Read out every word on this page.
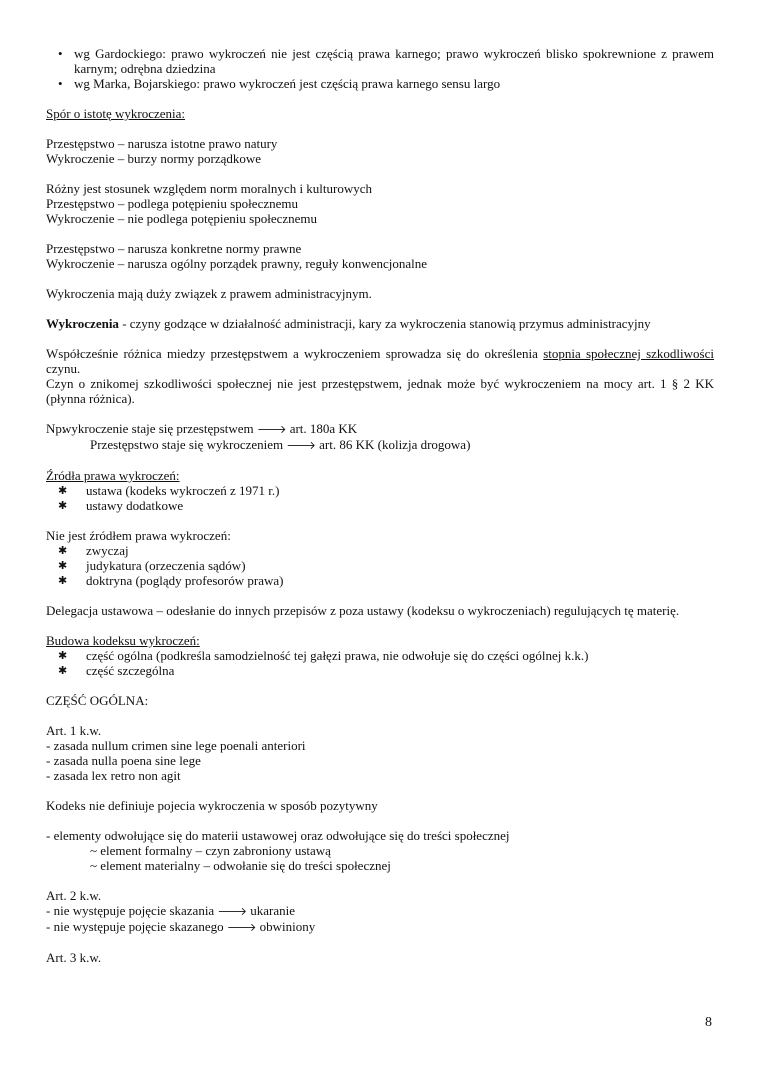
• wg Gardockiego: prawo wykroczeń nie jest częścią prawa karnego; prawo wykroczeń blisko spokrewnione z prawem karnym; odrębna dziedzina

• wg Marka, Bojarskiego: prawo wykroczeń jest częścią prawa karnego sensu largo

Spór o istotę wykroczenia:

Przestępstwo – narusza istotne prawo natury

Wykroczenie – burzy normy porządkowe

Różny jest stosunek względem norm moralnych i kulturowych

Przestępstwo – podlega potępieniu społecznemu

Wykroczenie – nie podlega potępieniu społecznemu

Przestępstwo – narusza konkretne normy prawne

Wykroczenie – narusza ogólny porządek prawny, reguły konwencjonalne

Wykroczenia mają duży związek z prawem administracyjnym.

Wykroczenia - czyny godzące w działalność administracji, kary za wykroczenia stanowią przymus administracyjny

Współcześnie różnica miedzy przestępstwem a wykroczeniem sprowadza się do określenia stopnia społecznej szkodliwości czynu.

Czyn o znikomej szkodliwości społecznej nie jest przestępstwem, jednak może być wykroczeniem na mocy art. 1 § 2 KK (płynna różnica).

Np.
wykroczenie staje się przestępstwem 🡒 art. 180a KK

Przestępstwo staje się wykroczeniem 🡒 art. 86 KK (kolizja drogowa)

Źródła prawa wykroczeń:

✱	ustawa (kodeks wykroczeń z 1971 r.)
✱	ustawy dodatkowe

Nie jest źródłem prawa wykroczeń:

✱	zwyczaj
✱	judykatura (orzeczenia sądów)
✱	doktryna (poglądy profesorów prawa)

Delegacja ustawowa – odesłanie do innych przepisów z poza ustawy (kodeksu o wykroczeniach) regulujących tę materię.

Budowa kodeksu wykroczeń:

✱	część ogólna (podkreśla samodzielność tej gałęzi prawa, nie odwołuje się do części ogólnej k.k.)
✱	część szczególna

CZĘŚĆ OGÓLNA:

Art. 1 k.w.

- zasada nullum crimen sine lege poenali anteriori

- zasada nulla poena sine lege

- zasada lex retro non agit

Kodeks nie definiuje pojecia wykroczenia w sposób pozytywny

- elementy odwołujące się do materii ustawowej oraz odwołujące się do treści społecznej

~ element formalny – czyn zabroniony ustawą

~ element materialny – odwołanie się do treści społecznej

Art. 2 k.w.

- nie występuje pojęcie skazania 🡒 ukaranie

- nie występuje pojęcie skazanego 🡒 obwiniony

Art. 3 k.w.

8
